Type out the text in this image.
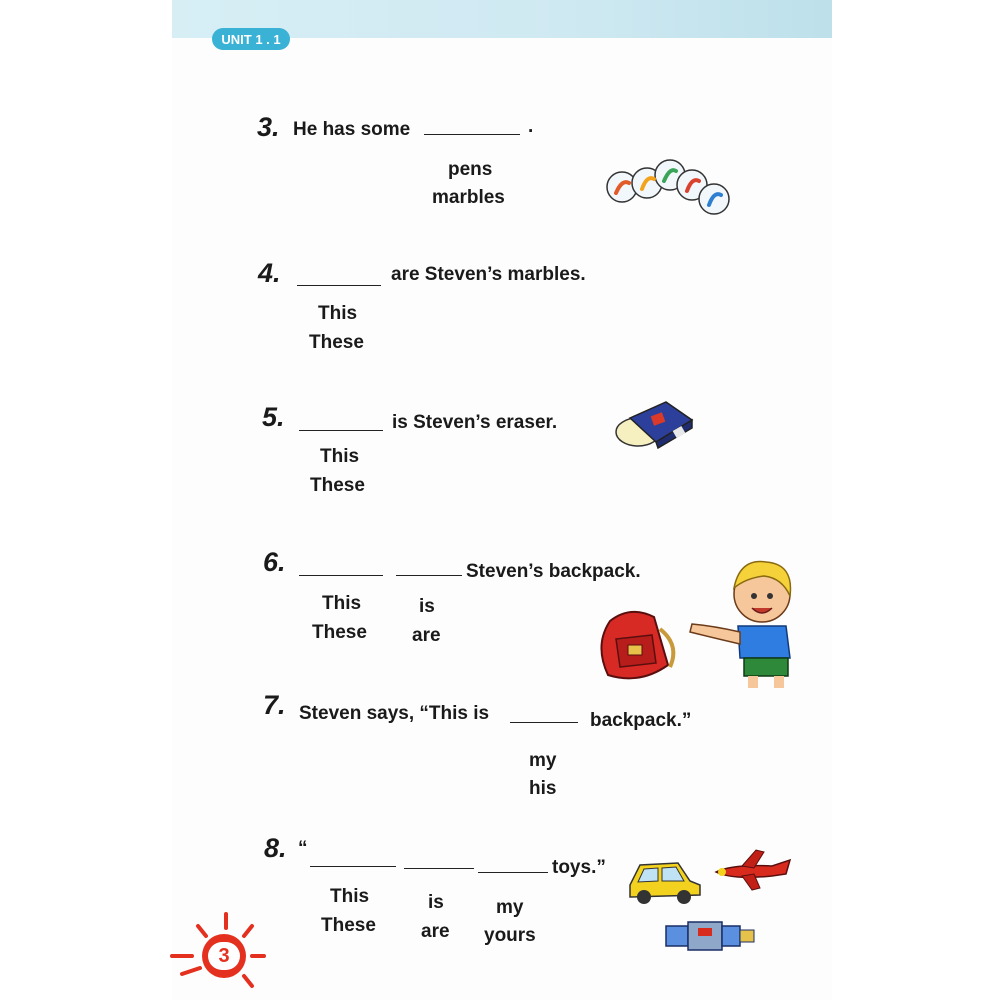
UNIT 1 . 1
3. He has some	.
pens
marbles
4.	are Steven’s marbles.
This
These
5.	is Steven’s eraser.
This
These
6.	Steven’s backpack.
This
These
is
are
7. Steven says, “This is	backpack.”
my
his
8. “
toys.”
This
These
is
are
my
yours
3
